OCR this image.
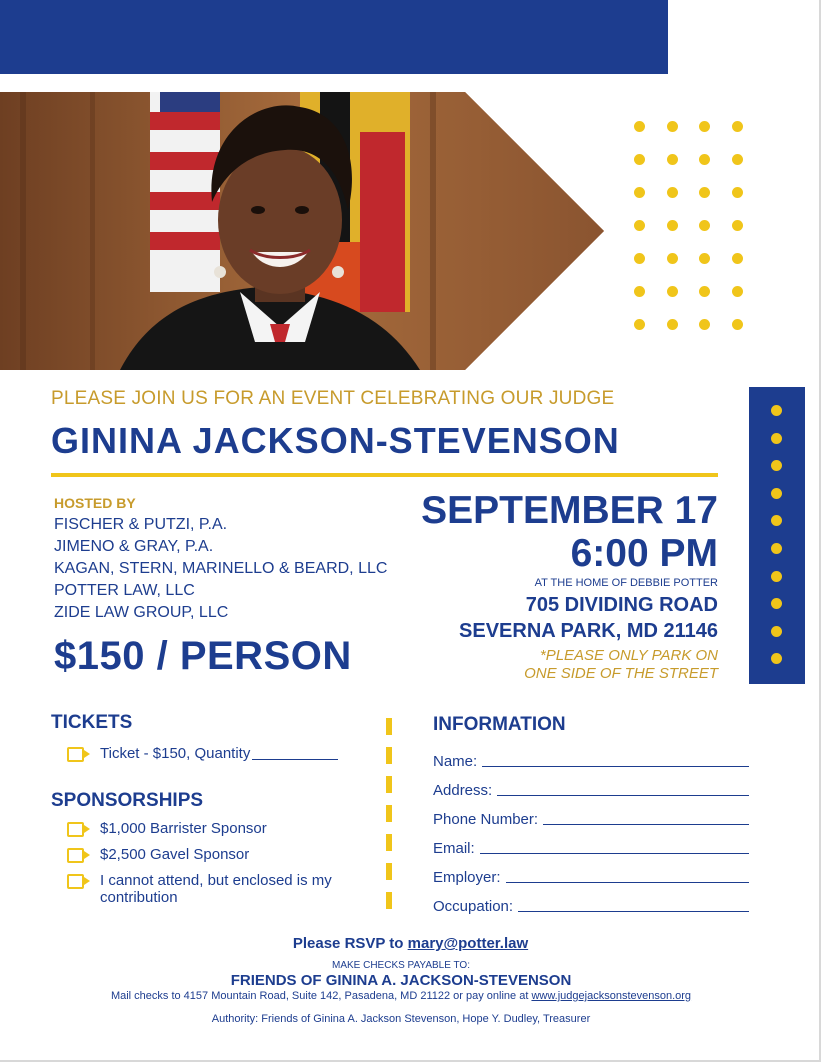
PLEASE JOIN US FOR AN EVENT CELEBRATING OUR JUDGE
GININA JACKSON-STEVENSON
HOSTED BY
FISCHER & PUTZI, P.A.
JIMENO & GRAY, P.A.
KAGAN, STERN, MARINELLO & BEARD, LLC
POTTER LAW, LLC
ZIDE LAW GROUP, LLC
$150 / PERSON
SEPTEMBER 17
6:00 PM
AT THE HOME OF DEBBIE POTTER
705 DIVIDING ROAD
SEVERNA PARK, MD 21146
*PLEASE ONLY PARK ON
ONE SIDE OF THE STREET
TICKETS
Ticket - $150, Quantity
SPONSORSHIPS
$1,000 Barrister Sponsor
$2,500 Gavel Sponsor
I cannot attend, but enclosed is my
contribution
INFORMATION
Name:
Address:
Phone Number:
Email:
Employer:
Occupation:
Please RSVP to mary@potter.law
MAKE CHECKS PAYABLE TO:
FRIENDS OF GININA A. JACKSON-STEVENSON
Mail checks to 4157 Mountain Road, Suite 142, Pasadena, MD 21122 or pay online at www.judgejacksonstevenson.org
Authority: Friends of Ginina A. Jackson Stevenson, Hope Y. Dudley, Treasurer
